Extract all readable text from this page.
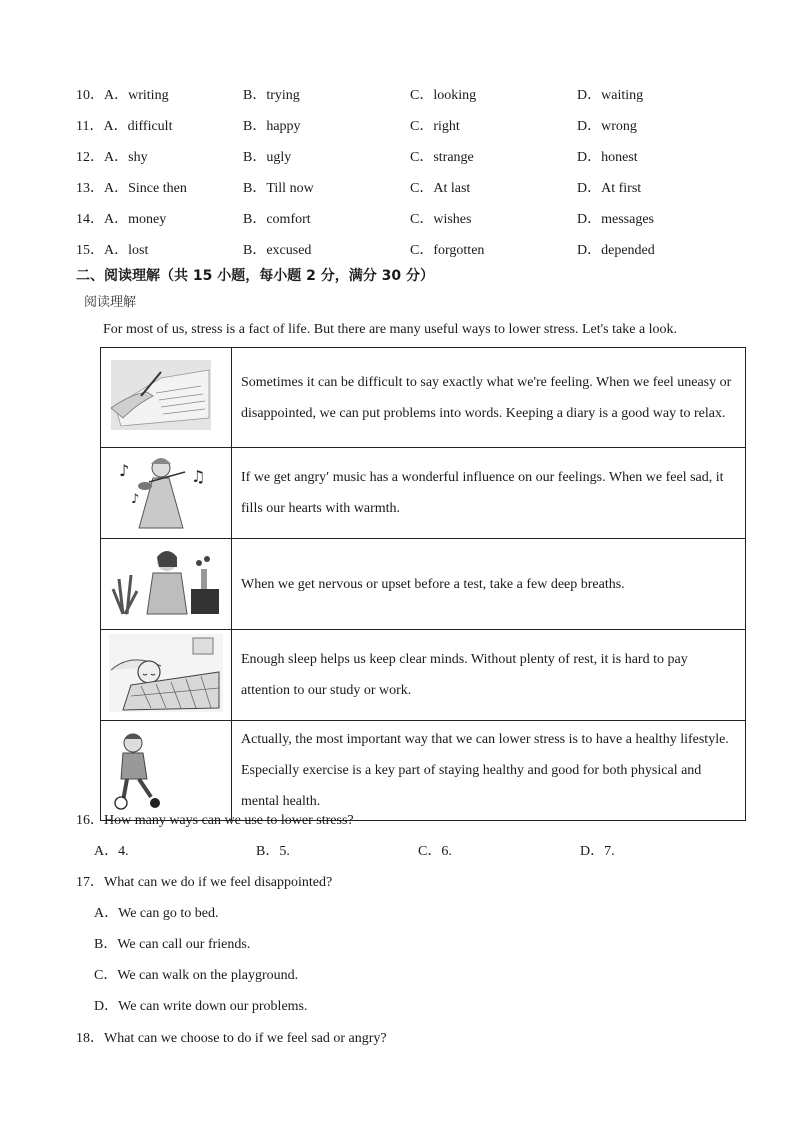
10．A．writing	B．trying	C．looking	D．waiting
11．A．difficult	B．happy	C．right	D．wrong
12．A．shy	B．ugly	C．strange	D．honest
13．A．Since then	B．Till now	C．At last	D．At first
14．A．money	B．comfort	C．wishes	D．messages
15．A．lost	B．excused	C．forgotten	D．depended
二、阅读理解（共 15 小题，每小题 2 分，满分 30 分）
阅读理解
For most of us, stress is a fact of life. But there are many useful ways to lower stress. Let's take a look.
	Sometimes it can be difficult to say exactly what we're feeling. When we feel uneasy or disappointed, we can put problems into words. Keeping a diary is a good way to relax.

♪ ♫
♪	If we get angry′ music has a wonderful influence on our feelings. When we feel sad, it fills our hearts with warmth.
	When we get nervous or upset before a test, take a few deep breaths.
	Enough sleep helps us keep clear minds. Without plenty of rest, it is hard to pay attention to our study or work.
	Actually, the most important way that we can lower stress is to have a healthy lifestyle. Especially exercise is a key part of staying healthy and good for both physical and mental health.
16．How many ways can we use to lower stress?
A．4.	B．5.	C．6.	D．7.
17．What can we do if we feel disappointed?
A．We can go to bed.
B．We can call our friends.
C．We can walk on the playground.
D．We can write down our problems.
18．What can we choose to do if we feel sad or angry?
